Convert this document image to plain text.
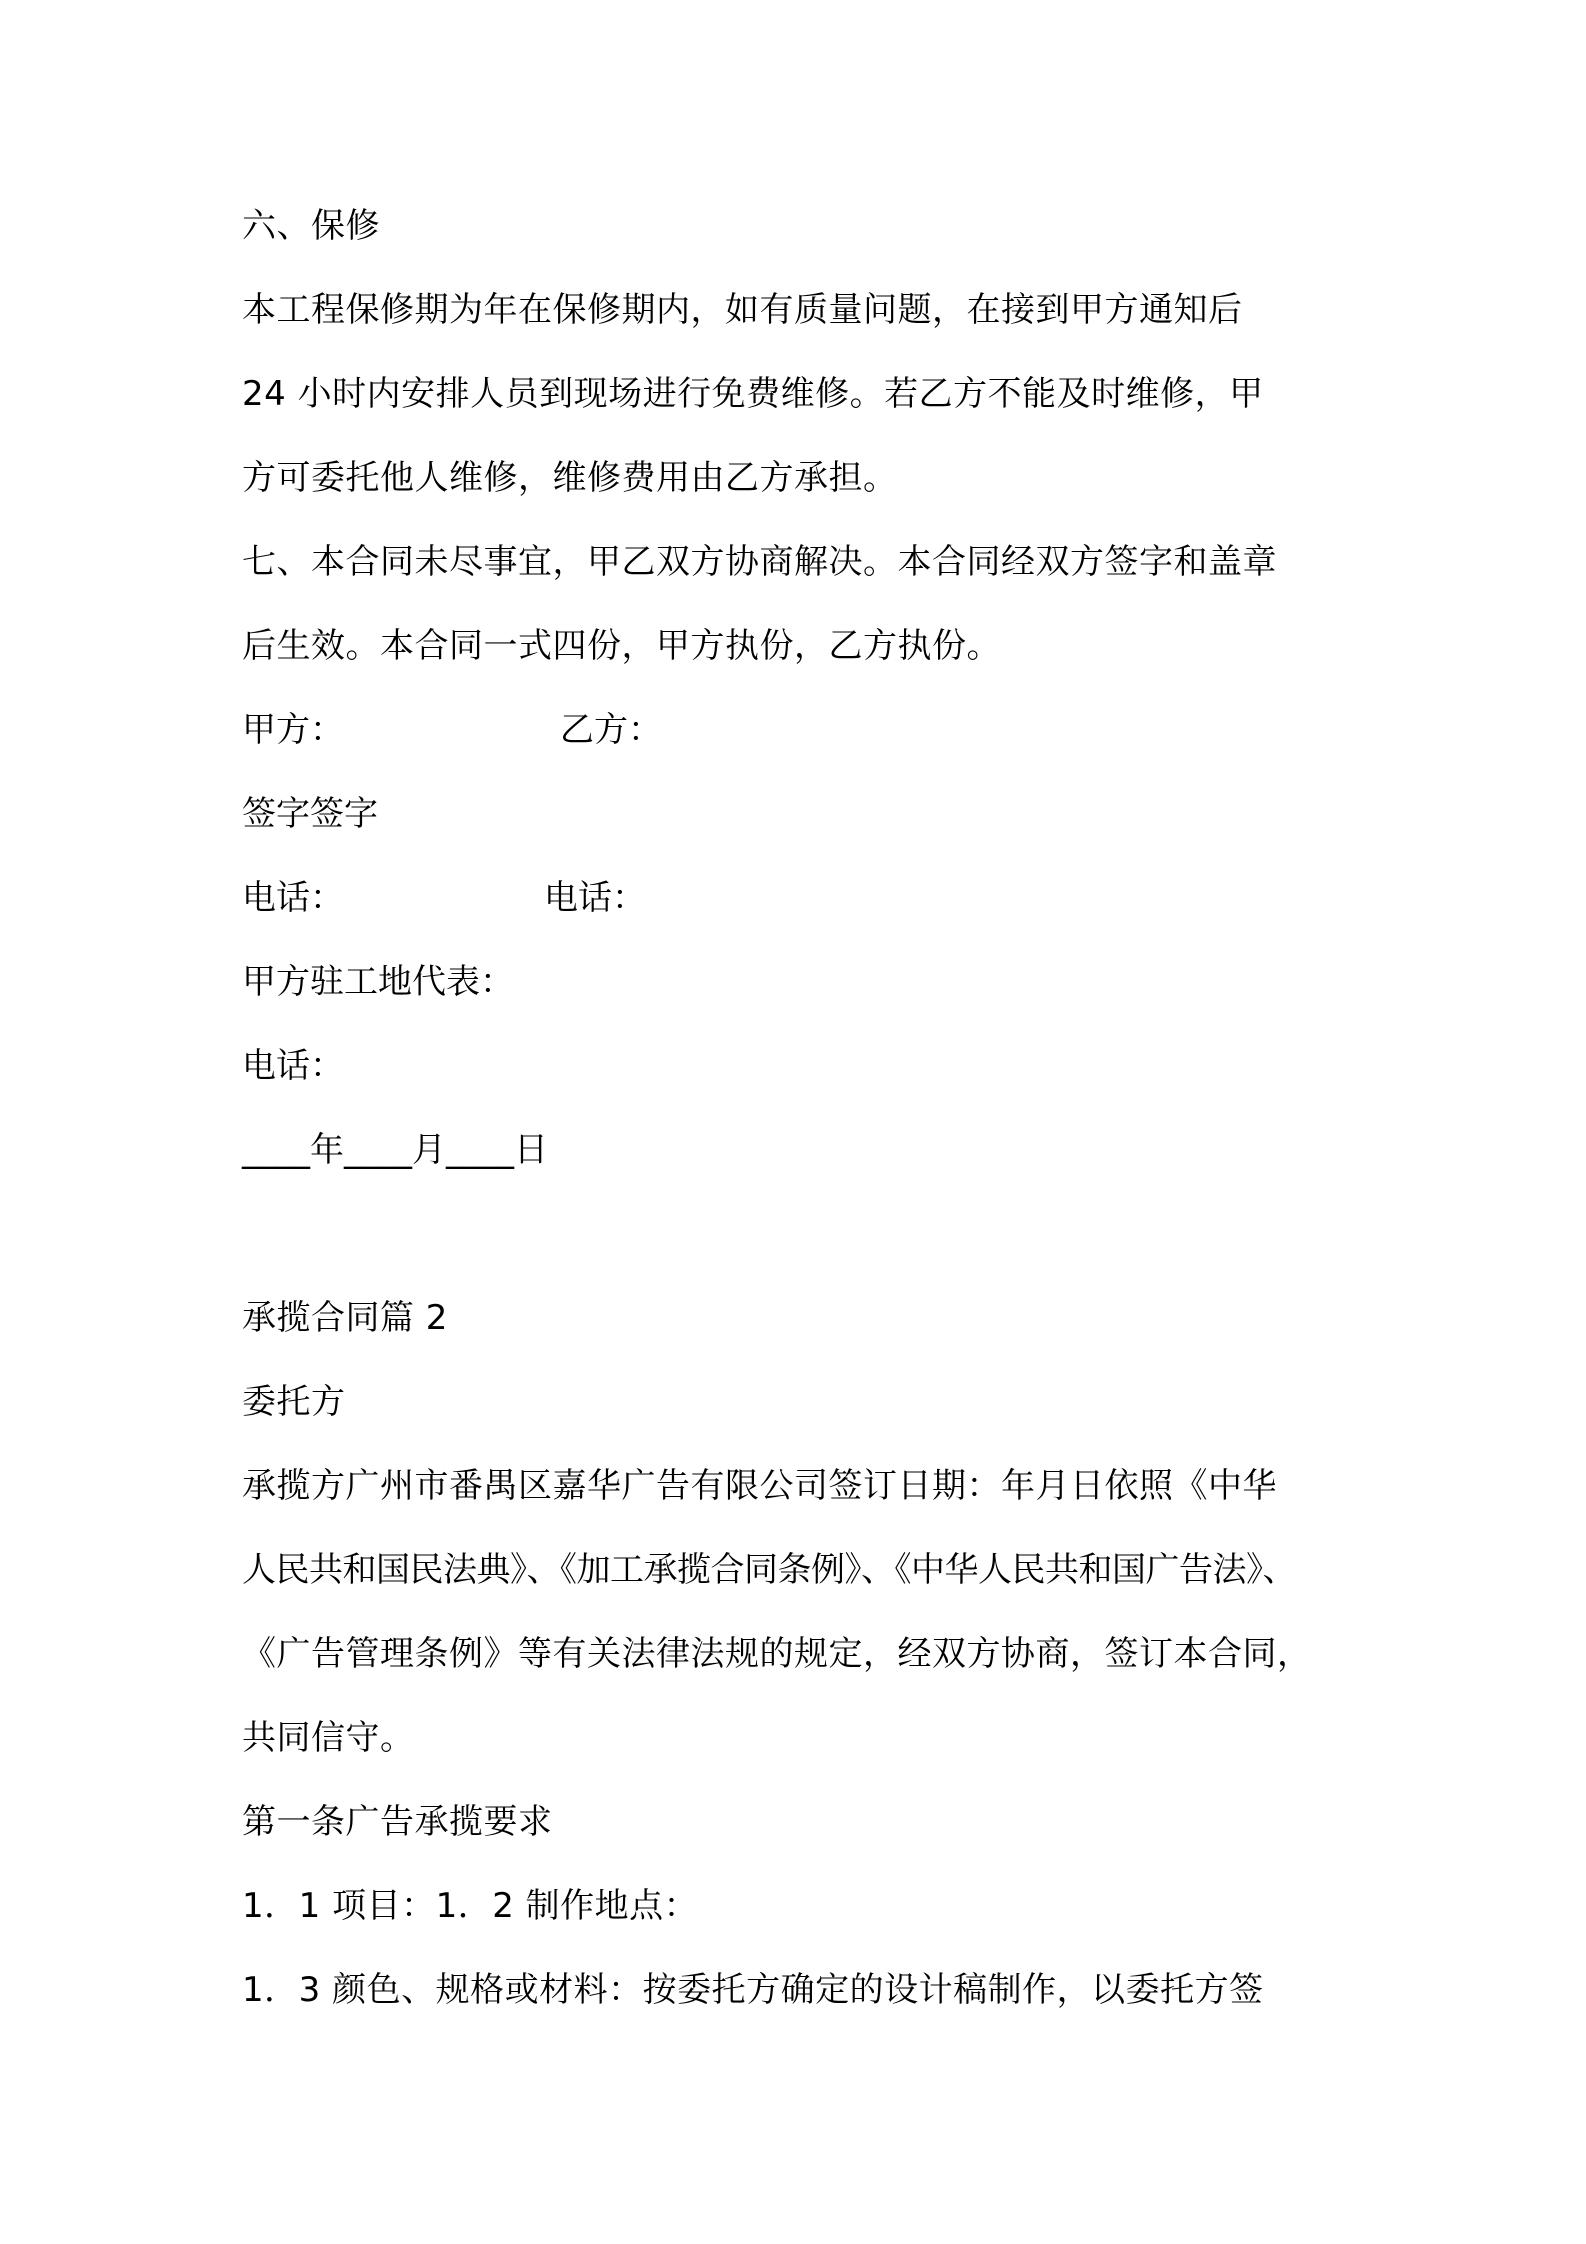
六、保修
本工程保修期为年在保修期内，如有质量问题，在接到甲方通知后
24 小时内安排人员到现场进行免费维修。若乙方不能及时维修，甲
方可委托他人维修，维修费用由乙方承担。
七、本合同未尽事宜，甲乙双方协商解决。本合同经双方签字和盖章
后生效。本合同一式四份，甲方执份，乙方执份。
甲方：	乙方：
签字签字
电话：	电话：
甲方驻工地代表：
电话：
____年____月____日
承揽合同篇 2
委托方
承揽方广州市番禺区嘉华广告有限公司签订日期：年月日依照《中华
人民共和国民法典》、《加工承揽合同条例》、《中华人民共和国广告法》、
《广告管理条例》等有关法律法规的规定，经双方协商，签订本合同，
共同信守。
第一条广告承揽要求
1．1 项目：1．2 制作地点：
1．3 颜色、规格或材料：按委托方确定的设计稿制作，以委托方签
